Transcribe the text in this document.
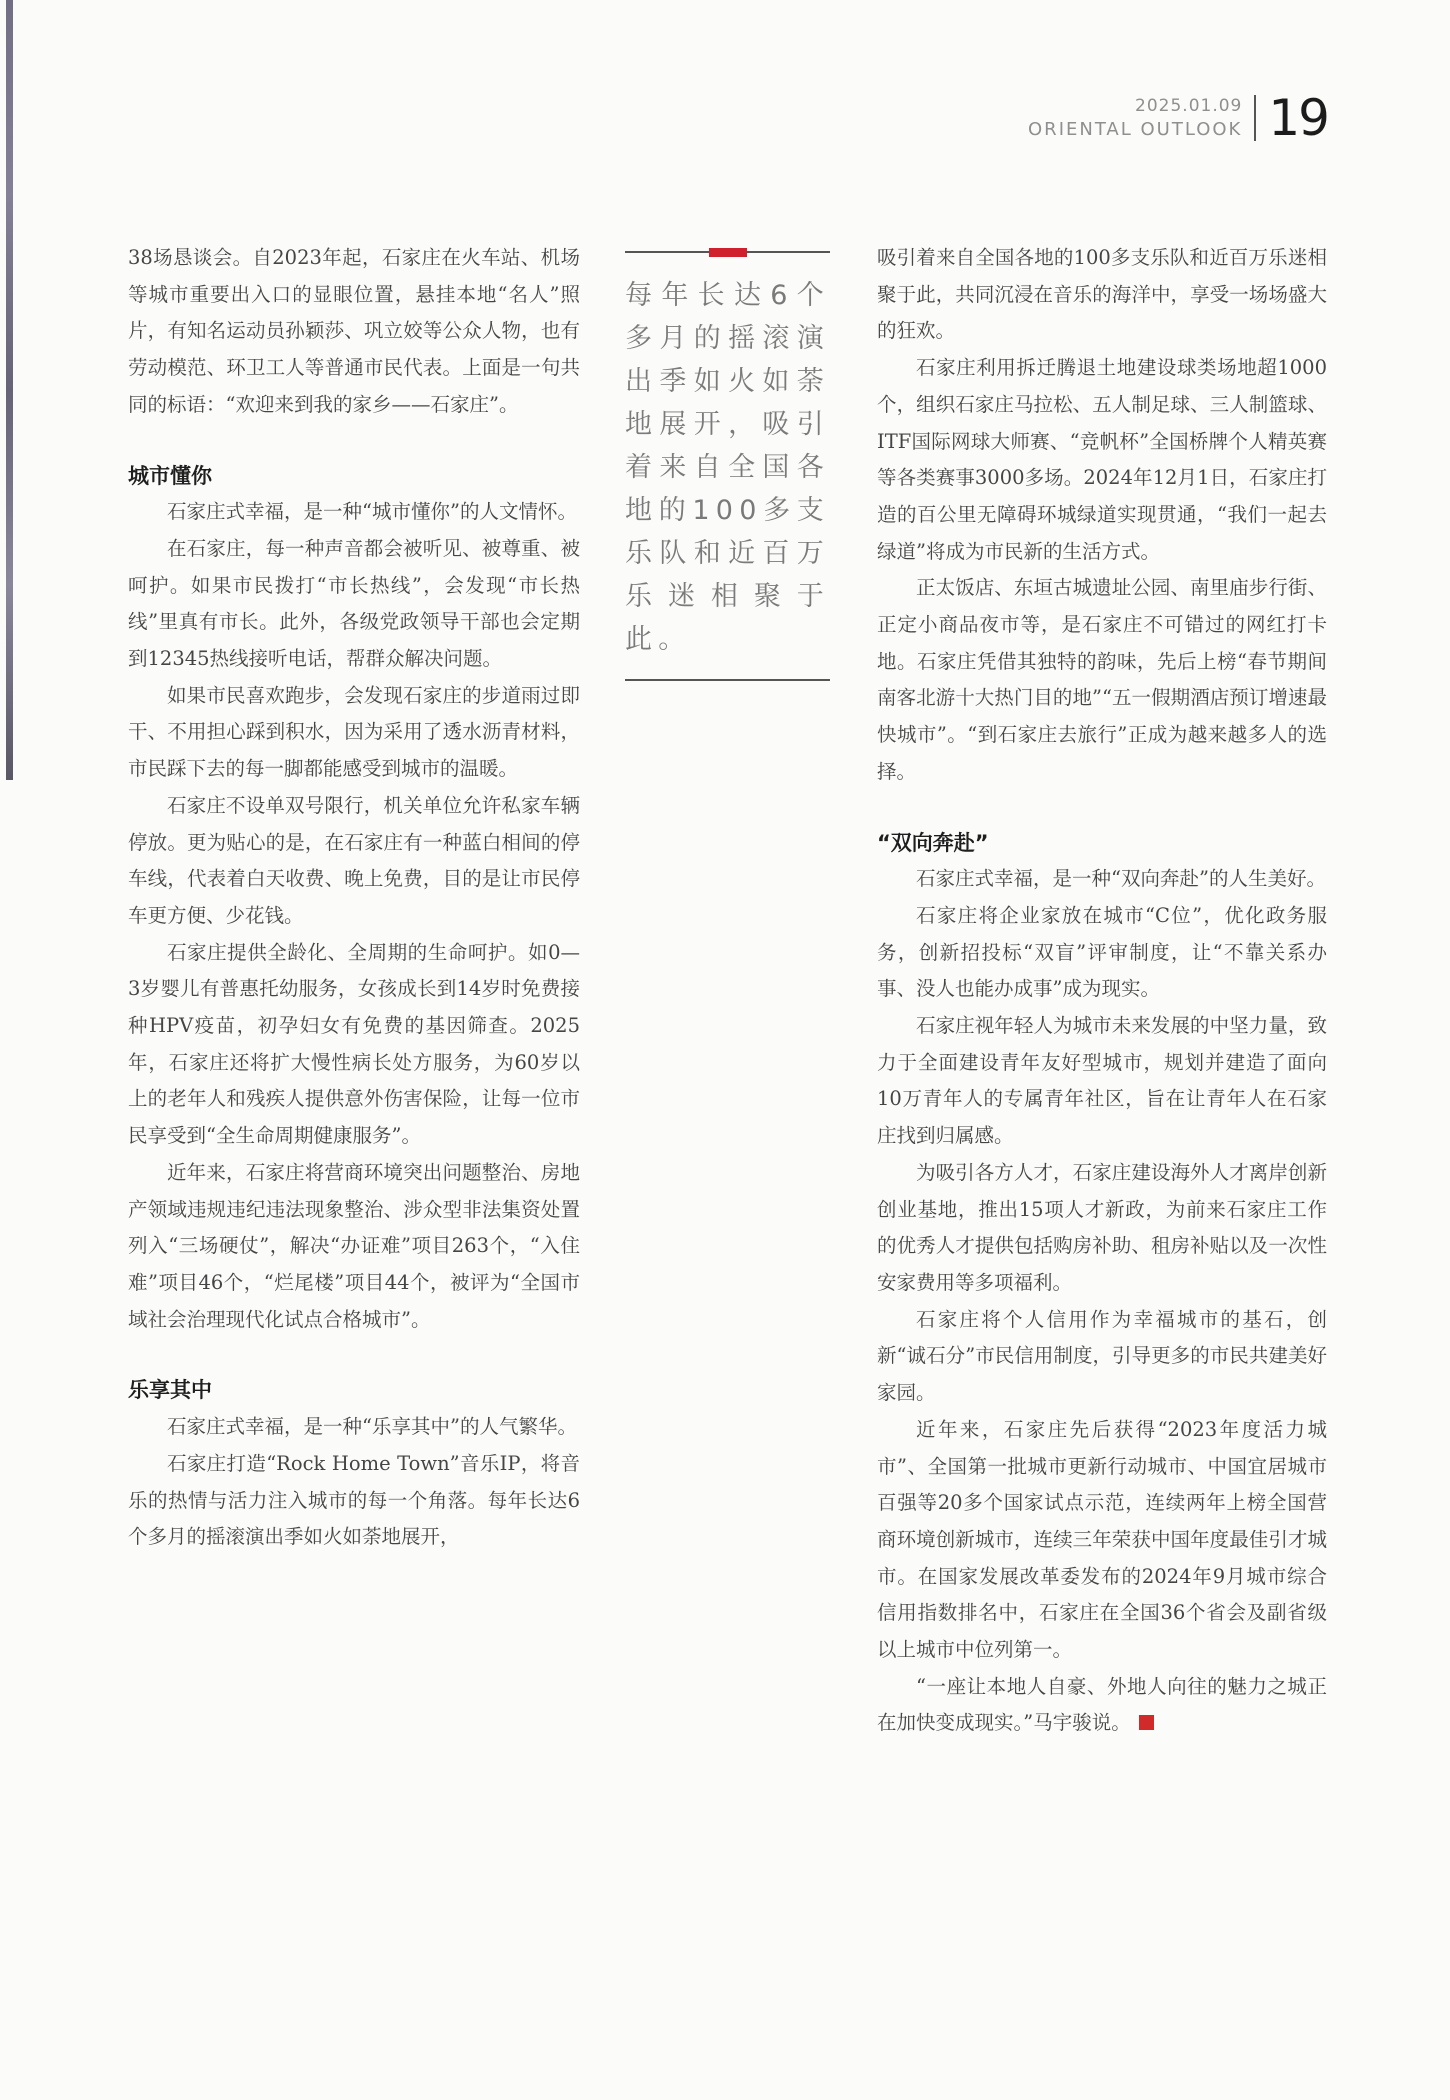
2025.01.09
ORIENTAL OUTLOOK 19

38场恳谈会。自2023年起，石家庄在火车站、机场等城市重要出入口的显眼位置，悬挂本地“名人”照片，有知名运动员孙颖莎、巩立姣等公众人物，也有劳动模范、环卫工人等普通市民代表。上面是一句共同的标语：“欢迎来到我的家乡——石家庄”。

城市懂你

石家庄式幸福，是一种“城市懂你”的人文情怀。

在石家庄，每一种声音都会被听见、被尊重、被呵护。如果市民拨打“市长热线”，会发现“市长热线”里真有市长。此外，各级党政领导干部也会定期到12345热线接听电话，帮群众解决问题。

如果市民喜欢跑步，会发现石家庄的步道雨过即干、不用担心踩到积水，因为采用了透水沥青材料，市民踩下去的每一脚都能感受到城市的温暖。

石家庄不设单双号限行，机关单位允许私家车辆停放。更为贴心的是，在石家庄有一种蓝白相间的停车线，代表着白天收费、晚上免费，目的是让市民停车更方便、少花钱。

石家庄提供全龄化、全周期的生命呵护。如0—3岁婴儿有普惠托幼服务，女孩成长到14岁时免费接种HPV疫苗，初孕妇女有免费的基因筛查。2025年，石家庄还将扩大慢性病长处方服务，为60岁以上的老年人和残疾人提供意外伤害保险，让每一位市民享受到“全生命周期健康服务”。

近年来，石家庄将营商环境突出问题整治、房地产领域违规违纪违法现象整治、涉众型非法集资处置列入“三场硬仗”，解决“办证难”项目263个，“入住难”项目46个，“烂尾楼”项目44个，被评为“全国市域社会治理现代化试点合格城市”。

乐享其中

石家庄式幸福，是一种“乐享其中”的人气繁华。

石家庄打造“Rock Home Town”音乐IP，将音乐的热情与活力注入城市的每一个角落。每年长达6个多月的摇滚演出季如火如荼地展开，

每年长达6个多月的摇滚演出季如火如荼地展开，吸引着来自全国各地的100多支乐队和近百万乐迷相聚于此。

吸引着来自全国各地的100多支乐队和近百万乐迷相聚于此，共同沉浸在音乐的海洋中，享受一场场盛大的狂欢。

石家庄利用拆迁腾退土地建设球类场地超1000个，组织石家庄马拉松、五人制足球、三人制篮球、ITF国际网球大师赛、“竞帆杯”全国桥牌个人精英赛等各类赛事3000多场。2024年12月1日，石家庄打造的百公里无障碍环城绿道实现贯通，“我们一起去绿道”将成为市民新的生活方式。

正太饭店、东垣古城遗址公园、南里庙步行街、正定小商品夜市等，是石家庄不可错过的网红打卡地。石家庄凭借其独特的韵味，先后上榜“春节期间南客北游十大热门目的地”“五一假期酒店预订增速最快城市”。“到石家庄去旅行”正成为越来越多人的选择。

“双向奔赴”

石家庄式幸福，是一种“双向奔赴”的人生美好。

石家庄将企业家放在城市“C位”，优化政务服务，创新招投标“双盲”评审制度，让“不靠关系办事、没人也能办成事”成为现实。

石家庄视年轻人为城市未来发展的中坚力量，致力于全面建设青年友好型城市，规划并建造了面向10万青年人的专属青年社区，旨在让青年人在石家庄找到归属感。

为吸引各方人才，石家庄建设海外人才离岸创新创业基地，推出15项人才新政，为前来石家庄工作的优秀人才提供包括购房补助、租房补贴以及一次性安家费用等多项福利。

石家庄将个人信用作为幸福城市的基石，创新“诚石分”市民信用制度，引导更多的市民共建美好家园。

近年来，石家庄先后获得“2023年度活力城市”、全国第一批城市更新行动城市、中国宜居城市百强等20多个国家试点示范，连续两年上榜全国营商环境创新城市，连续三年荣获中国年度最佳引才城市。在国家发展改革委发布的2024年9月城市综合信用指数排名中，石家庄在全国36个省会及副省级以上城市中位列第一。

“一座让本地人自豪、外地人向往的魅力之城正在加快变成现实。”马宇骏说。
